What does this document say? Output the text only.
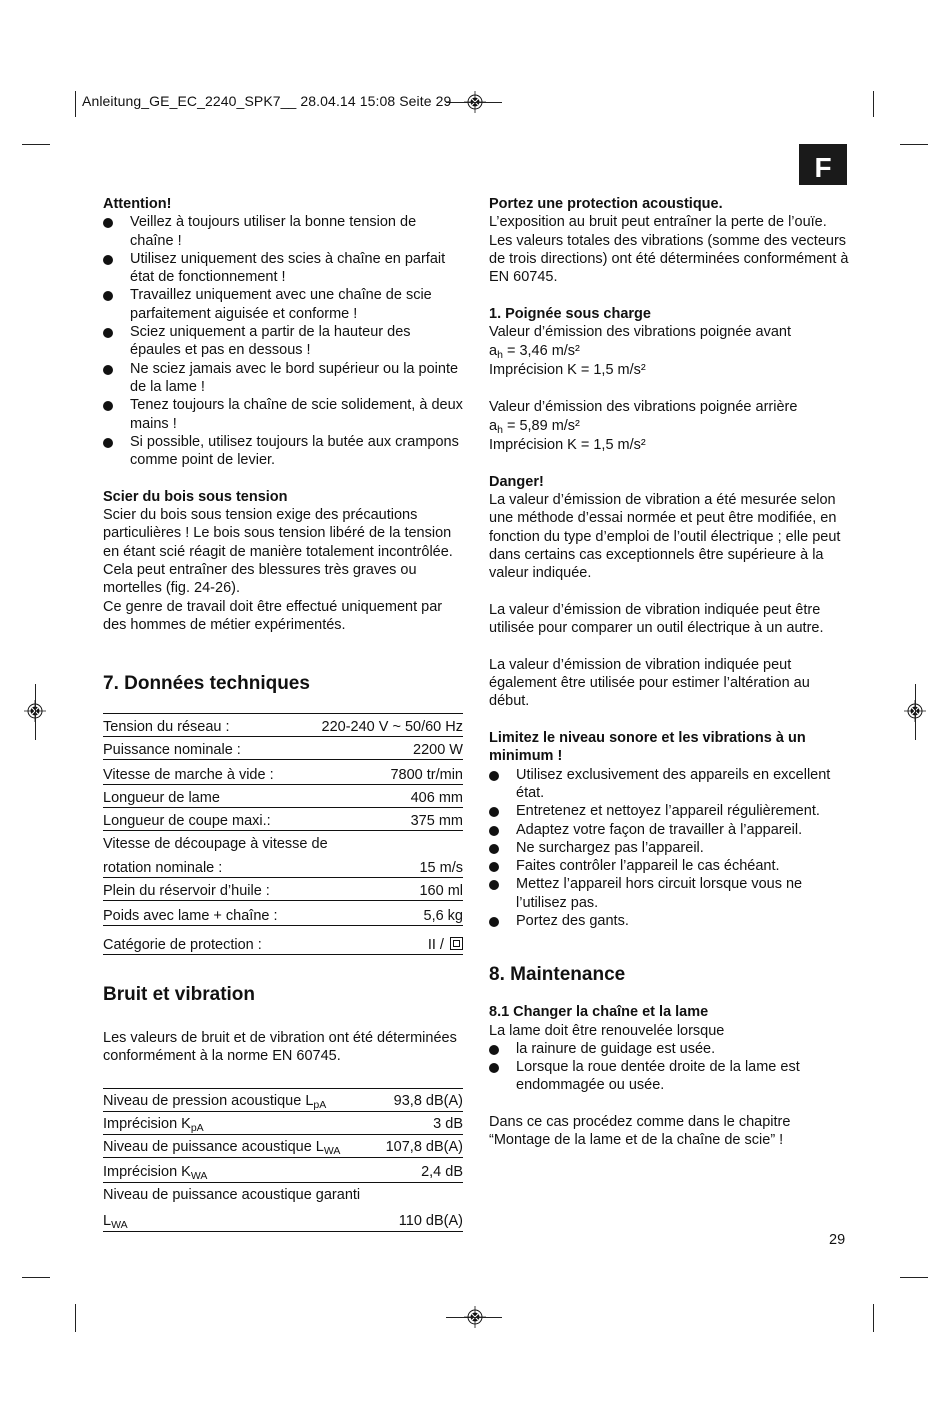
Anleitung_GE_EC_2240_SPK7__ 28.04.14 15:08 Seite 29
F

Attention!

Veillez à toujours utiliser la bonne tension de chaîne !
Utilisez uniquement des scies à chaîne en parfait état de fonctionnement !
Travaillez uniquement avec une chaîne de scie parfaitement aiguisée et conforme !
Sciez uniquement a partir de la hauteur des épaules et pas en dessous !
Ne sciez jamais avec le bord supérieur ou la pointe de la lame !
Tenez toujours la chaîne de scie solidement, à deux mains !
Si possible, utilisez toujours la butée aux crampons comme point de levier.

Scier du bois sous tension

Scier du bois sous tension exige des précautions particulières ! Le bois sous tension libéré de la tension en étant scié réagit de manière totalement incontrôlée. Cela peut entraîner des blessures très graves ou mortelles (fig. 24-26).

Ce genre de travail doit être effectué uniquement par des hommes de métier expérimentés.

7. Données techniques
Tension du réseau :	220-240 V ~ 50/60 Hz
Puissance nominale :	2200 W
Vitesse de marche à vide :	7800 tr/min
Longueur de lame	406 mm
Longueur de coupe maxi.:	375 mm
Vitesse de découpage à vitesse de
rotation nominale :	15 m/s
Plein du réservoir d’huile :	160 ml
Poids avec lame + chaîne :	5,6 kg
Catégorie de protection :	II /
Bruit et vibration

Les valeurs de bruit et de vibration ont été déterminées conformément à la norme EN 60745.

Niveau de pression acoustique $L_{pA}$	93,8 dB(A)
Imprécision $K_{pA}$	3 dB
Niveau de puissance acoustique $L_{WA}$	107,8 dB(A)
Imprécision $K_{WA}$	2,4 dB
Niveau de puissance acoustique garanti
$L_{WA}$	110 dB(A)

Portez une protection acoustique.

L’exposition au bruit peut entraîner la perte de l’ouïe. Les valeurs totales des vibrations (somme des vecteurs de trois directions) ont été déterminées conformément à EN 60745.

1. Poignée sous charge

Valeur d’émission des vibrations poignée avant

$a_h = 3,46$ m/s²

Imprécision K = 1,5 m/s²

Valeur d’émission des vibrations poignée arrière

$a_h = 5,89$ m/s²

Imprécision K = 1,5 m/s²

Danger!

La valeur d’émission de vibration a été mesurée selon une méthode d’essai normée et peut être modifiée, en fonction du type d’emploi de l’outil électrique ; elle peut dans certains cas exceptionnels être supérieure à la valeur indiquée.

La valeur d’émission de vibration indiquée peut être utilisée pour comparer un outil électrique à un autre.

La valeur d’émission de vibration indiquée peut également être utilisée pour estimer l’altération au début.

Limitez le niveau sonore et les vibrations à un minimum !

Utilisez exclusivement des appareils en excellent état.
Entretenez et nettoyez l’appareil régulièrement.
Adaptez votre façon de travailler à l’appareil.
Ne surchargez pas l’appareil.
Faites contrôler l’appareil le cas échéant.
Mettez l’appareil hors circuit lorsque vous ne l’utilisez pas.
Portez des gants.
8. Maintenance

8.1 Changer la chaîne et la lame

La lame doit être renouvelée lorsque

la rainure de guidage est usée.
Lorsque la roue dentée droite de la lame est endommagée ou usée.

Dans ce cas procédez comme dans le chapitre “Montage de la lame et de la chaîne de scie” !

29
